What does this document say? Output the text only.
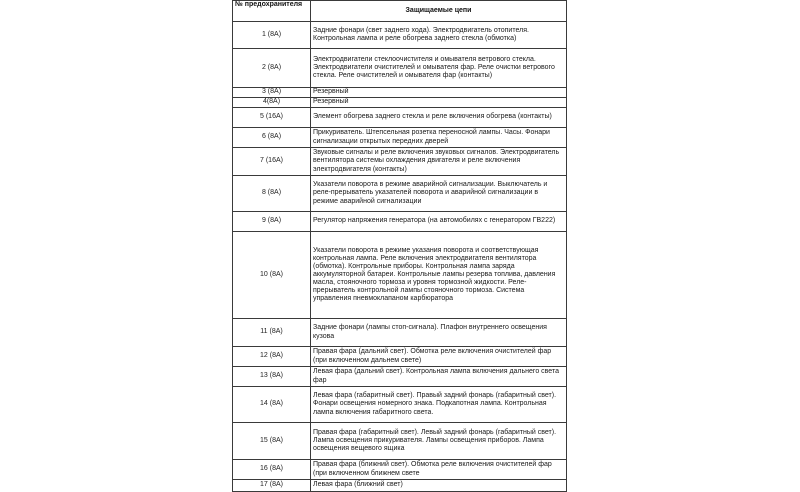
№ предохранителя	Защищаемые цепи
1 (8А)	Задние фонари (свет заднего хода). Электродвигатель отопителя. Контрольная лампа и реле обогрева заднего стекла (обмотка)
2 (8А)	Электродвигатели стеклоочистителя и омывателя ветрового стекла. Электродвигатели очистителей и омывателя фар. Реле очистки ветрового стекла. Реле очистителей и омывателя фар (контакты)
3 (8А)	Резервный
4(8А)	Резервный
5 (16А)	Элемент обогрева заднего стекла и реле включения обогрева (контакты)
6 (8А)	Прикуриватель. Штепсельная розетка переносной лампы. Часы. Фонари сигнализации открытых передних дверей
7 (16А)	Звуковые сигналы и реле включения звуковых сигналов. Электродвигатель вентилятора системы охлаждения двигателя и реле включения электродвигателя (контакты)
8 (8А)	Указатели поворота в режиме аварийной сигнализации. Выключатель и реле-прерыватель указателей поворота и аварийной сигнализации в режиме аварийной сигнализации
9 (8А)	Регулятор напряжения генератора (на автомобилях с генератором ГВ222)
10 (8А)	Указатели поворота в режиме указания поворота и соответствующая контрольная лампа. Реле включения электродвигателя вентилятора (обмотка). Контрольные приборы. Контрольная лампа заряда аккумуляторной батареи. Контрольные лампы резерва топлива, давления масла, стояночного тормоза и уровня тормозной жидкости. Реле-прерыватель контрольной лампы стояночного тормоза. Система управления пневмоклапаном карбюратора
11 (8А)	Задние фонари (лампы стоп-сигнала). Плафон внутреннего освещения кузова
12 (8А)	Правая фара (дальний свет). Обмотка реле включения очистителей фар (при включенном дальнем свете)
13 (8А)	Левая фара (дальний свет). Контрольная лампа включения дальнего света фар
14 (8А)	Левая фара (габаритный свет). Правый задний фонарь (габаритный свет). Фонари освещения номерного знака. Подкапотная лампа. Контрольная лампа включения габаритного света.
15 (8А)	Правая фара (габаритный свет). Левый задний фонарь (габаритный свет). Лампа освещения прикуривателя. Лампы освещения приборов. Лампа освещения вещевого ящика
16 (8А)	Правая фара (ближний свет). Обмотка реле включения очистителей фар (при включенном ближнем свете
17 (8А)	Левая фара (ближний свет)
